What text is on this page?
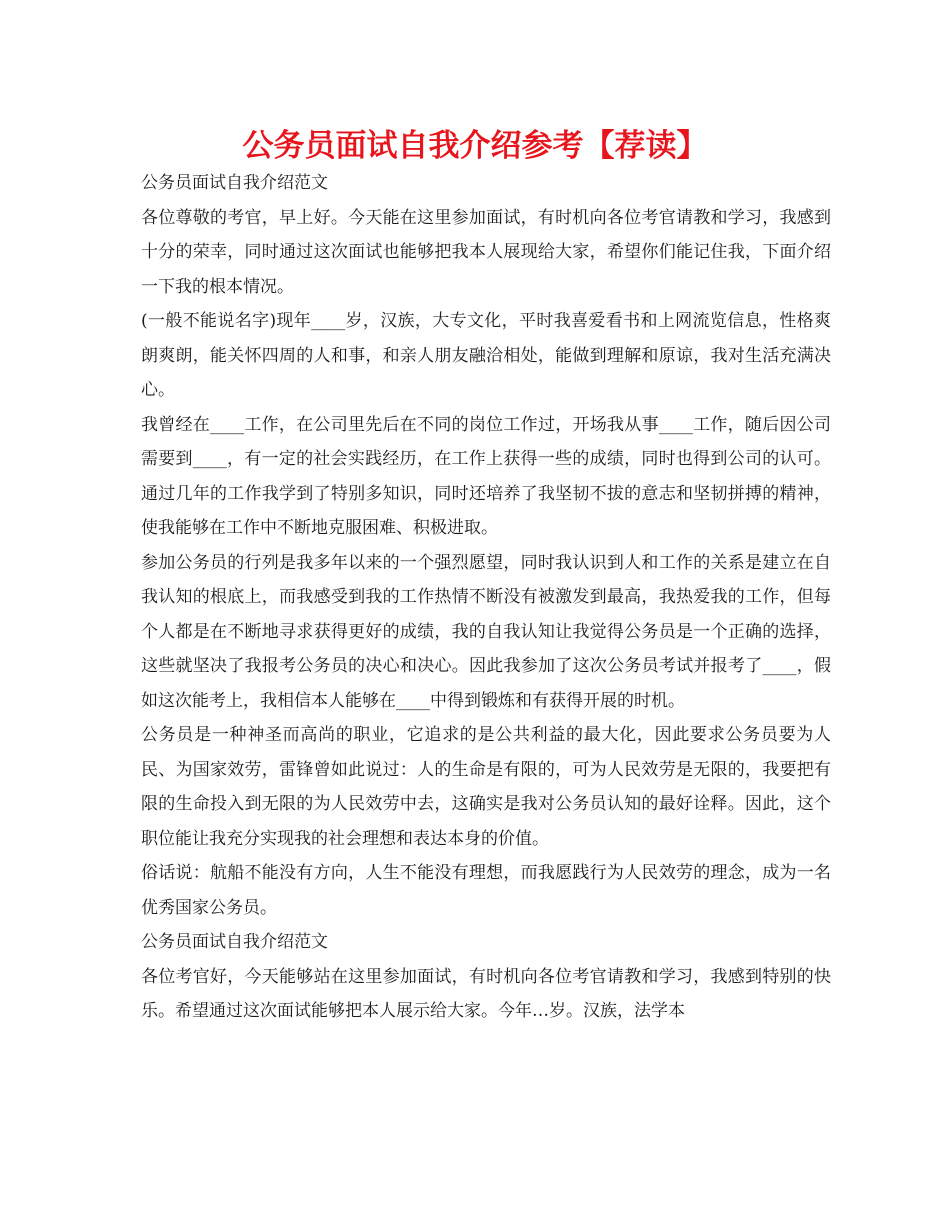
公务员面试自我介绍参考【荐读】

公务员面试自我介绍范文

各位尊敬的考官，早上好。今天能在这里参加面试，有时机向各位考官请教和学习，我感到十分的荣幸，同时通过这次面试也能够把我本人展现给大家，希望你们能记住我，下面介绍一下我的根本情况。

(一般不能说名字)现年____岁，汉族，大专文化，平时我喜爱看书和上网流览信息，性格爽朗爽朗，能关怀四周的人和事，和亲人朋友融洽相处，能做到理解和原谅，我对生活充满决心。

我曾经在____工作，在公司里先后在不同的岗位工作过，开场我从事____工作，随后因公司需要到____，有一定的社会实践经历，在工作上获得一些的成绩，同时也得到公司的认可。通过几年的工作我学到了特别多知识，同时还培养了我坚韧不拔的意志和坚韧拼搏的精神，使我能够在工作中不断地克服困难、积极进取。

参加公务员的行列是我多年以来的一个强烈愿望，同时我认识到人和工作的关系是建立在自我认知的根底上，而我感受到我的工作热情不断没有被激发到最高，我热爱我的工作，但每个人都是在不断地寻求获得更好的成绩，我的自我认知让我觉得公务员是一个正确的选择，这些就坚决了我报考公务员的决心和决心。因此我参加了这次公务员考试并报考了____，假如这次能考上，我相信本人能够在____中得到锻炼和有获得开展的时机。

公务员是一种神圣而高尚的职业，它追求的是公共利益的最大化，因此要求公务员要为人民、为国家效劳，雷锋曾如此说过：人的生命是有限的，可为人民效劳是无限的，我要把有限的生命投入到无限的为人民效劳中去，这确实是我对公务员认知的最好诠释。因此，这个职位能让我充分实现我的社会理想和表达本身的价值。

俗话说：航船不能没有方向，人生不能没有理想，而我愿践行为人民效劳的理念，成为一名优秀国家公务员。

公务员面试自我介绍范文

各位考官好，今天能够站在这里参加面试，有时机向各位考官请教和学习，我感到特别的快乐。希望通过这次面试能够把本人展示给大家。今年…岁。汉族，法学本
